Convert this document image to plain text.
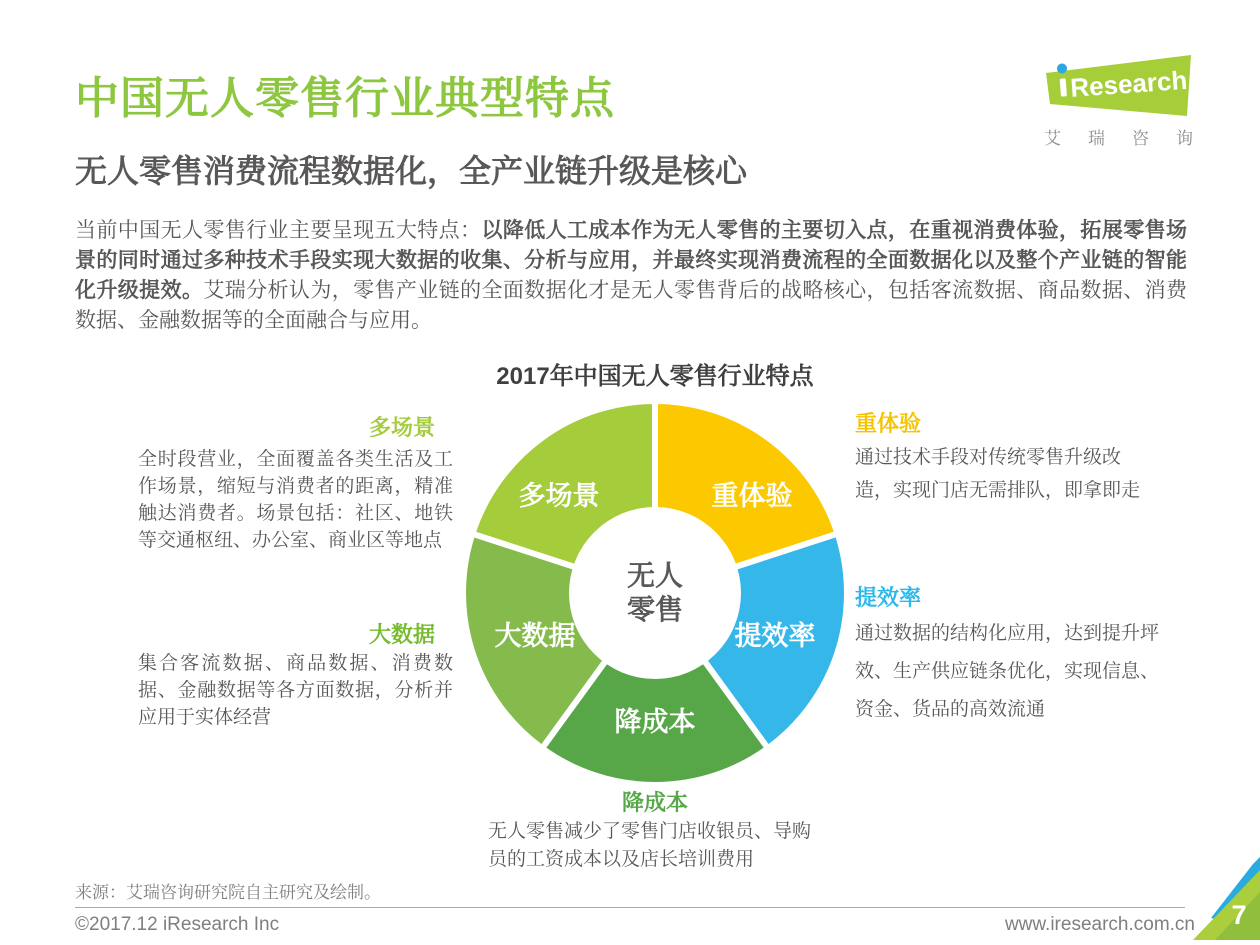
Research
艾瑞咨询
中国无人零售行业典型特点
无人零售消费流程数据化，全产业链升级是核心
当前中国无人零售行业主要呈现五大特点：以降低人工成本作为无人零售的主要切入点，在重视消费体验，拓展零售场景的同时通过多种技术手段实现大数据的收集、分析与应用，并最终实现消费流程的全面数据化以及整个产业链的智能化升级提效。艾瑞分析认为，零售产业链的全面数据化才是无人零售背后的战略核心，包括客流数据、商品数据、消费数据、金融数据等的全面融合与应用。
2017年中国无人零售行业特点
重体验
提效率
降成本
大数据
多场景
无人
零售
多场景
全时段营业，全面覆盖各类生活及工作场景，缩短与消费者的距离，精准触达消费者。场景包括：社区、地铁等交通枢纽、办公室、商业区等地点
大数据
集合客流数据、商品数据、消费数据、金融数据等各方面数据，分析并应用于实体经营
重体验
通过技术手段对传统零售升级改造，实现门店无需排队，即拿即走
提效率
通过数据的结构化应用，达到提升坪效、生产供应链条优化，实现信息、资金、货品的高效流通
降成本
无人零售减少了零售门店收银员、导购员的工资成本以及店长培训费用
来源：艾瑞咨询研究院自主研究及绘制。
©2017.12 iResearch Inc	www.iresearch.com.cn 7
